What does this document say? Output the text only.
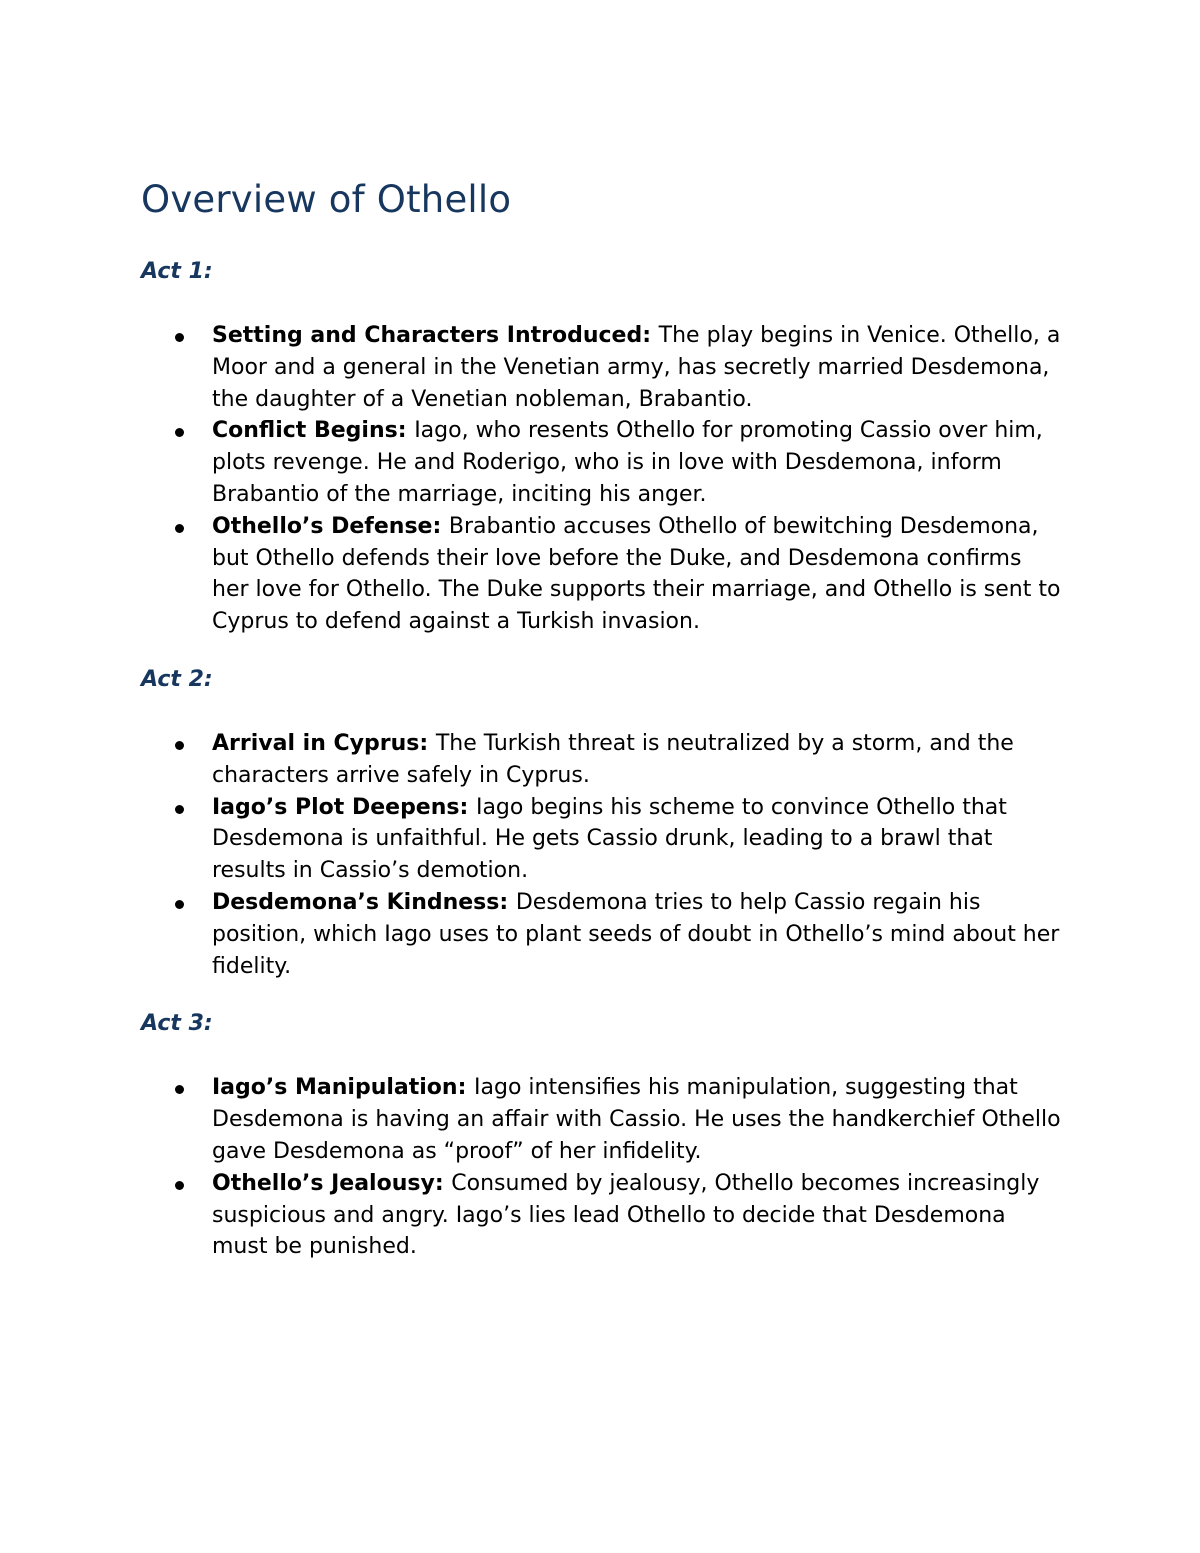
Overview of Othello
Act 1:
Setting and Characters Introduced: The play begins in Venice. Othello, a Moor and a general in the Venetian army, has secretly married Desdemona, the daughter of a Venetian nobleman, Brabantio.
Conflict Begins: Iago, who resents Othello for promoting Cassio over him, plots revenge. He and Roderigo, who is in love with Desdemona, inform Brabantio of the marriage, inciting his anger.
Othello’s Defense: Brabantio accuses Othello of bewitching Desdemona, but Othello defends their love before the Duke, and Desdemona confirms her love for Othello. The Duke supports their marriage, and Othello is sent to Cyprus to defend against a Turkish invasion.
Act 2:
Arrival in Cyprus: The Turkish threat is neutralized by a storm, and the characters arrive safely in Cyprus.
Iago’s Plot Deepens: Iago begins his scheme to convince Othello that Desdemona is unfaithful. He gets Cassio drunk, leading to a brawl that results in Cassio’s demotion.
Desdemona’s Kindness: Desdemona tries to help Cassio regain his position, which Iago uses to plant seeds of doubt in Othello’s mind about her fidelity.
Act 3:
Iago’s Manipulation: Iago intensifies his manipulation, suggesting that Desdemona is having an affair with Cassio. He uses the handkerchief Othello gave Desdemona as “proof” of her infidelity.
Othello’s Jealousy: Consumed by jealousy, Othello becomes increasingly suspicious and angry. Iago’s lies lead Othello to decide that Desdemona must be punished.
